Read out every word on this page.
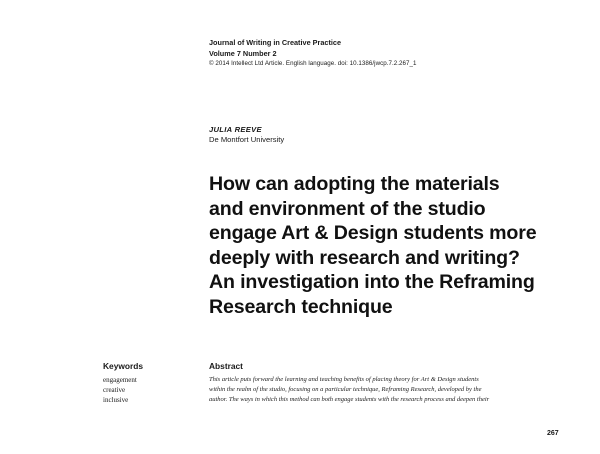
Journal of Writing in Creative Practice
Volume 7 Number 2
© 2014 Intellect Ltd Article. English language. doi: 10.1386/jwcp.7.2.267_1
JULIA REEVE
De Montfort University
How can adopting the materials
and environment of the studio
engage Art & Design students more
deeply with research and writing?
An investigation into the Reframing
Research technique
Keywords
engagement
creative
inclusive
Abstract

This article puts forward the learning and teaching benefits of placing theory for Art & Design students
within the realm of the studio, focusing on a particular technique, Reframing Research, developed by the
author. The ways in which this method can both engage students with the research process and deepen their

267
